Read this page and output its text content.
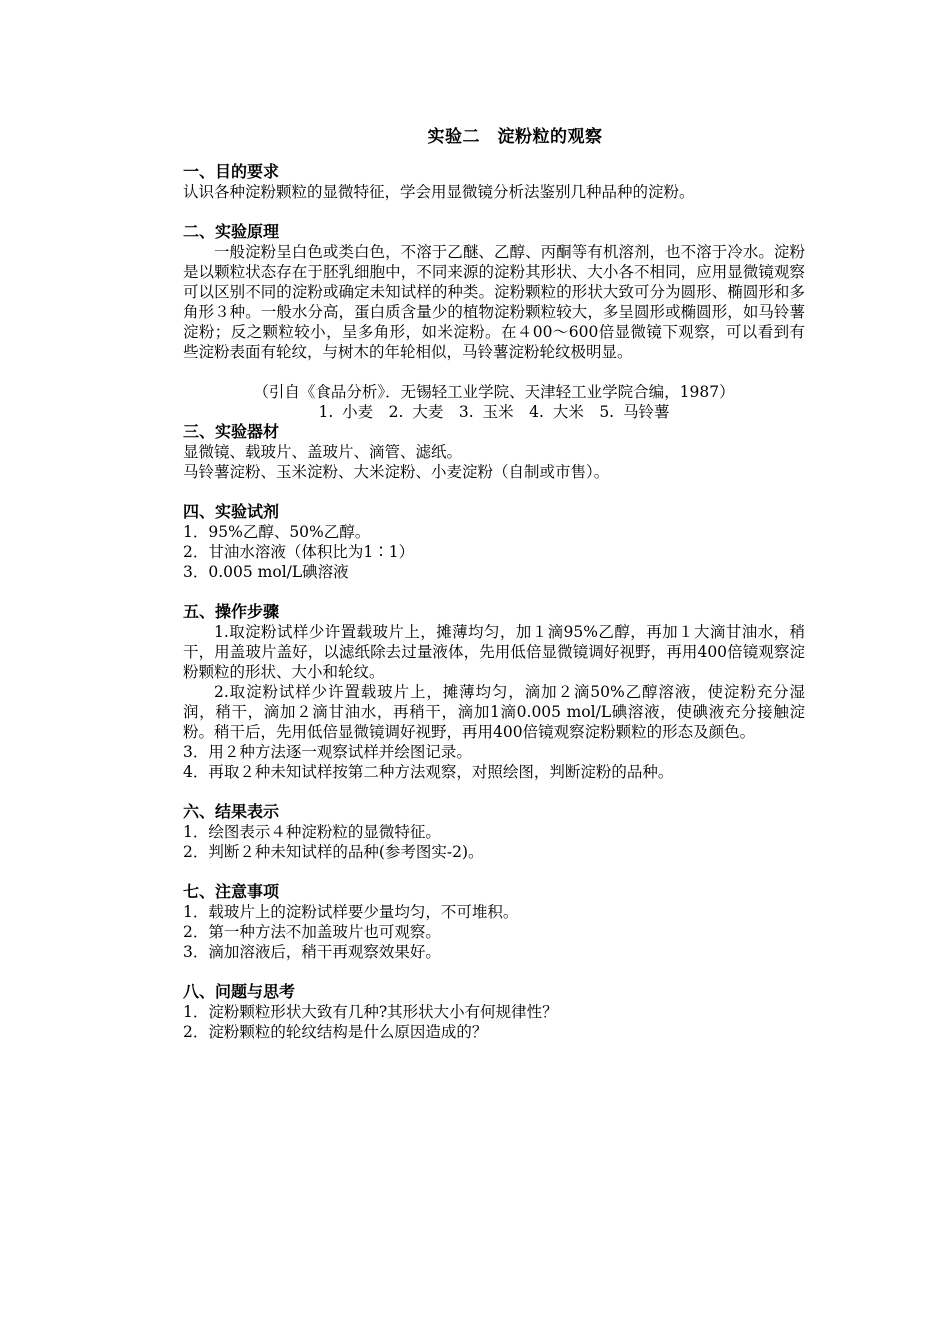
实验二　淀粉粒的观察

一、目的要求

认识各种淀粉颗粒的显微特征，学会用显微镜分析法鉴别几种品种的淀粉。

二、实验原理

一般淀粉呈白色或类白色，不溶于乙醚、乙醇、丙酮等有机溶剂，也不溶于冷水。淀粉是以颗粒状态存在于胚乳细胞中，不同来源的淀粉其形状、大小各不相同，应用显微镜观察可以区别不同的淀粉或确定未知试样的种类。淀粉颗粒的形状大致可分为圆形、椭圆形和多角形３种。一般水分高，蛋白质含量少的植物淀粉颗粒较大，多呈圆形或椭圆形，如马铃薯淀粉；反之颗粒较小，呈多角形，如米淀粉。在４00～600倍显微镜下观察，可以看到有些淀粉表面有轮纹，与树木的年轮相似，马铃薯淀粉轮纹极明显。

（引自《食品分析》．无锡轻工业学院、天津轻工业学院合编，1987）

1. 小麦　2. 大麦　3. 玉米　4. 大米　5. 马铃薯

三、实验器材

显微镜、载玻片、盖玻片、滴管、滤纸。

马铃薯淀粉、玉米淀粉、大米淀粉、小麦淀粉（自制或市售）。

四、实验试剂

1．95%乙醇、50%乙醇。

2．甘油水溶液（体积比为1∶1）

3．0.005 mol/L碘溶液

五、操作步骤

1.取淀粉试样少许置载玻片上，摊薄均匀，加１滴95%乙醇，再加１大滴甘油水，稍干，用盖玻片盖好，以滤纸除去过量液体，先用低倍显微镜调好视野，再用400倍镜观察淀粉颗粒的形状、大小和轮纹。

2.取淀粉试样少许置载玻片上，摊薄均匀，滴加２滴50%乙醇溶液，使淀粉充分湿润，稍干，滴加２滴甘油水，再稍干，滴加1滴0.005 mol/L碘溶液，使碘液充分接触淀粉。稍干后，先用低倍显微镜调好视野，再用400倍镜观察淀粉颗粒的形态及颜色。

3．用２种方法逐一观察试样并绘图记录。

4．再取２种未知试样按第二种方法观察，对照绘图，判断淀粉的品种。

六、结果表示

1．绘图表示４种淀粉粒的显微特征。

2．判断２种未知试样的品种(参考图实-2)。

七、注意事项

1．载玻片上的淀粉试样要少量均匀，不可堆积。

2．第一种方法不加盖玻片也可观察。

3．滴加溶液后，稍干再观察效果好。

八、问题与思考

1．淀粉颗粒形状大致有几种?其形状大小有何规律性？

2．淀粉颗粒的轮纹结构是什么原因造成的？
